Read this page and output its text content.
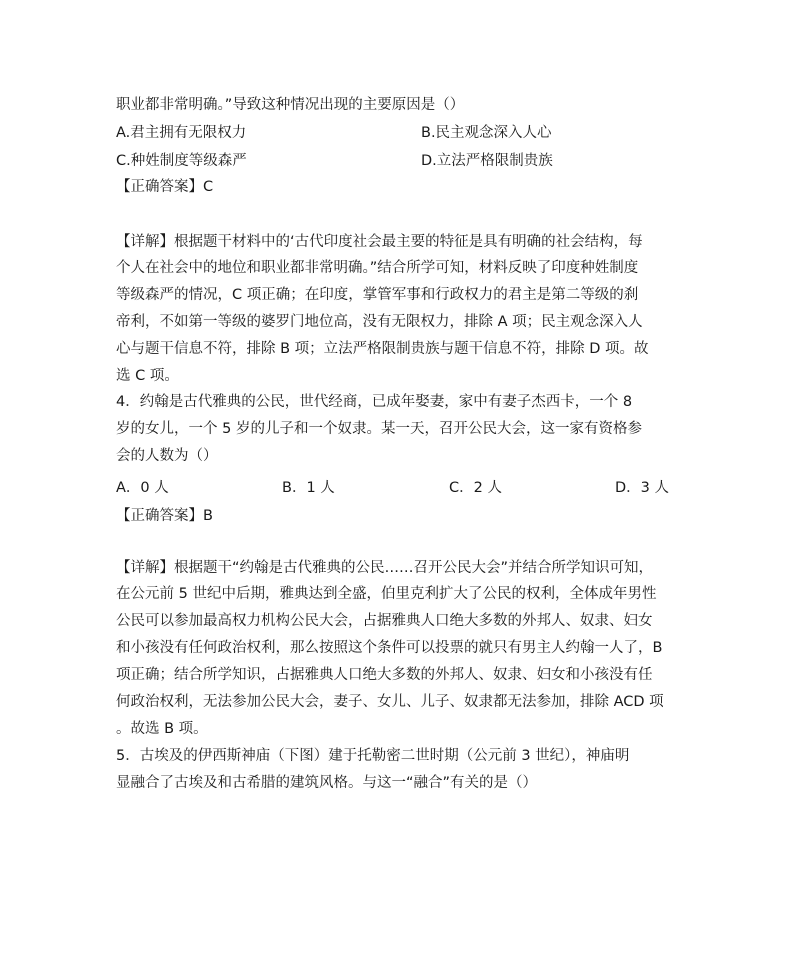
职业都非常明确。”导致这种情况出现的主要原因是（）
A.君主拥有无限权力	B.民主观念深入人心
C.种姓制度等级森严	D.立法严格限制贵族
【正确答案】C
【详解】根据题干材料中的‘古代印度社会最主要的特征是具有明确的社会结构，每
个人在社会中的地位和职业都非常明确。”结合所学可知，材料反映了印度种姓制度
等级森严的情况，C 项正确；在印度，掌管军事和行政权力的君主是第二等级的刹
帝利，不如第一等级的婆罗门地位高，没有无限权力，排除 A 项；民主观念深入人
心与题干信息不符，排除 B 项；立法严格限制贵族与题干信息不符，排除 D 项。故
选 C 项。
4．约翰是古代雅典的公民，世代经商，已成年娶妻，家中有妻子杰西卡，一个 8
岁的女儿，一个 5 岁的儿子和一个奴隶。某一天，召开公民大会，这一家有资格参
会的人数为（）
A．0 人	B．1 人	C．2 人	D．3 人
【正确答案】B
【详解】根据题干“约翰是古代雅典的公民……召开公民大会”并结合所学知识可知，
在公元前 5 世纪中后期，雅典达到全盛，伯里克利扩大了公民的权利，全体成年男性
公民可以参加最高权力机构公民大会，占据雅典人口绝大多数的外邦人、奴隶、妇女
和小孩没有任何政治权利，那么按照这个条件可以投票的就只有男主人约翰一人了，B
项正确；结合所学知识，占据雅典人口绝大多数的外邦人、奴隶、妇女和小孩没有任
何政治权利，无法参加公民大会，妻子、女儿、儿子、奴隶都无法参加，排除 ACD 项
。故选 B 项。
5．古埃及的伊西斯神庙（下图）建于托勒密二世时期（公元前 3 世纪），神庙明
显融合了古埃及和古希腊的建筑风格。与这一“融合”有关的是（）
